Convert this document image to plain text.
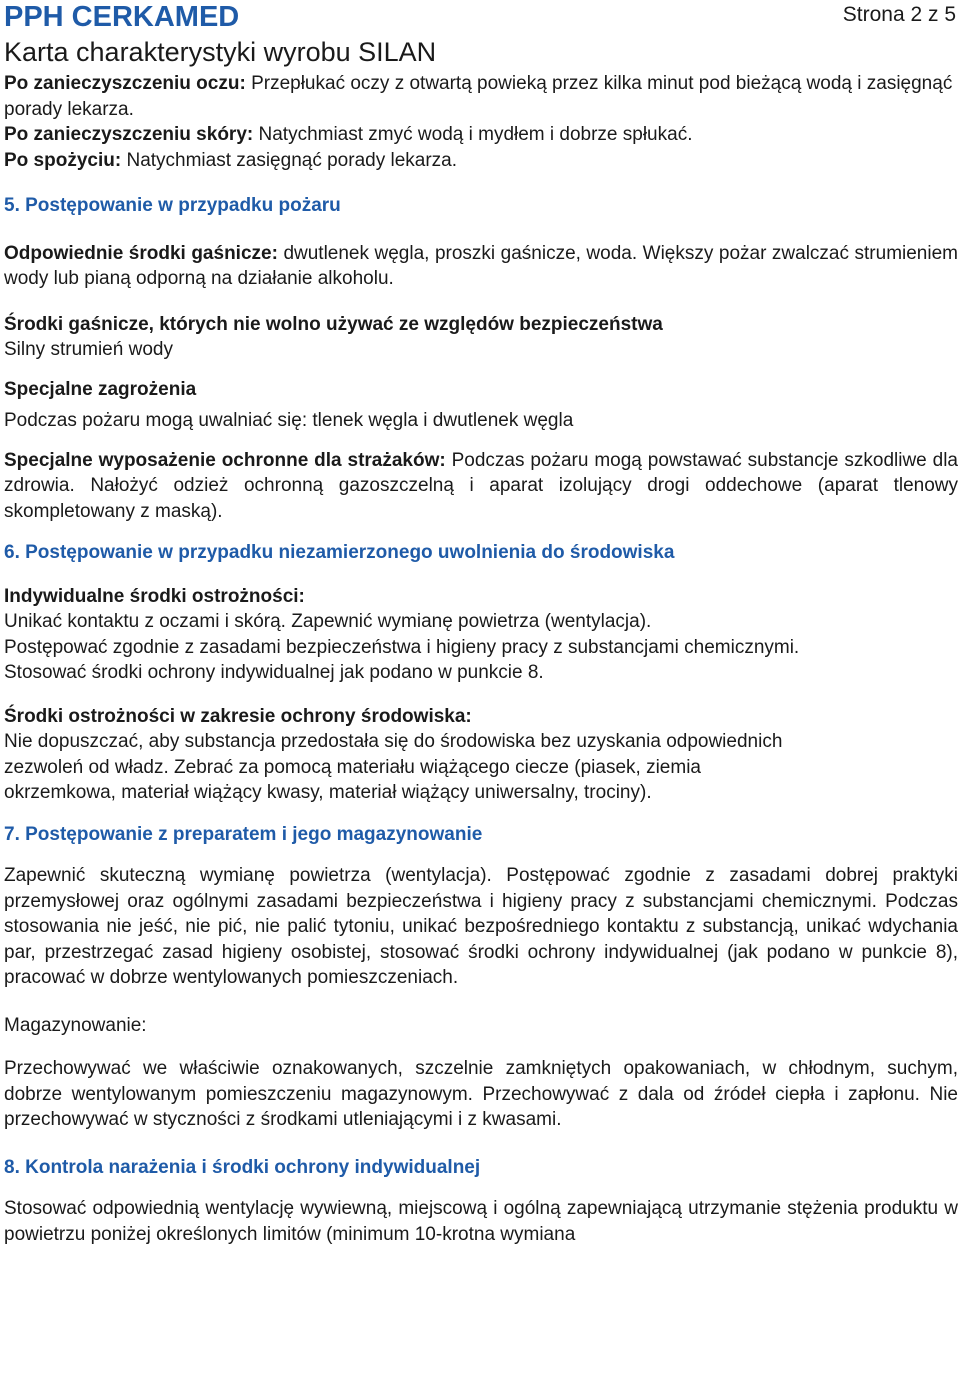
PPH CERKAMED	Strona 2 z 5
Karta charakterystyki wyrobu SILAN

Po zanieczyszczeniu oczu: Przepłukać oczy z otwartą powieką przez kilka minut pod bieżącą wodą i zasięgnąć porady lekarza.

Po zanieczyszczeniu skóry: Natychmiast zmyć wodą i mydłem i dobrze spłukać.

Po spożyciu: Natychmiast zasięgnąć porady lekarza.

5. Postępowanie w przypadku pożaru

Odpowiednie środki gaśnicze: dwutlenek węgla, proszki gaśnicze, woda. Większy pożar zwalczać strumieniem wody lub pianą odporną na działanie alkoholu.

Środki gaśnicze, których nie wolno używać ze względów bezpieczeństwa

Silny strumień wody

Specjalne zagrożenia

Podczas pożaru mogą uwalniać się: tlenek węgla i dwutlenek węgla

Specjalne wyposażenie ochronne dla strażaków: Podczas pożaru mogą powstawać substancje szkodliwe dla zdrowia. Nałożyć odzież ochronną gazoszczelną i aparat izolujący drogi oddechowe (aparat tlenowy skompletowany z maską).

6. Postępowanie w przypadku niezamierzonego uwolnienia do środowiska

Indywidualne środki ostrożności:

Unikać kontaktu z oczami i skórą. Zapewnić wymianę powietrza (wentylacja).

Postępować zgodnie z zasadami bezpieczeństwa i higieny pracy z substancjami chemicznymi.

Stosować środki ochrony indywidualnej jak podano w punkcie 8.

Środki ostrożności w zakresie ochrony środowiska:

Nie dopuszczać, aby substancja przedostała się do środowiska bez uzyskania odpowiednich

zezwoleń od władz. Zebrać za pomocą materiału wiążącego ciecze (piasek, ziemia

okrzemkowa, materiał wiążący kwasy, materiał wiążący uniwersalny, trociny).

7. Postępowanie z preparatem i jego magazynowanie

Zapewnić skuteczną wymianę powietrza (wentylacja). Postępować zgodnie z zasadami dobrej praktyki przemysłowej oraz ogólnymi zasadami bezpieczeństwa i higieny pracy z substancjami chemicznymi. Podczas stosowania nie jeść, nie pić, nie palić tytoniu, unikać bezpośredniego kontaktu z substancją, unikać wdychania par, przestrzegać zasad higieny osobistej, stosować środki ochrony indywidualnej (jak podano w punkcie 8), pracować w dobrze wentylowanych pomieszczeniach.

Magazynowanie:

Przechowywać we właściwie oznakowanych, szczelnie zamkniętych opakowaniach, w chłodnym, suchym, dobrze wentylowanym pomieszczeniu magazynowym. Przechowywać z dala od źródeł ciepła i zapłonu. Nie przechowywać w styczności z środkami utleniającymi i z kwasami.

8. Kontrola narażenia i środki ochrony indywidualnej

Stosować odpowiednią wentylację wywiewną, miejscową i ogólną zapewniającą utrzymanie stężenia produktu w powietrzu poniżej określonych limitów (minimum 10-krotna wymiana
